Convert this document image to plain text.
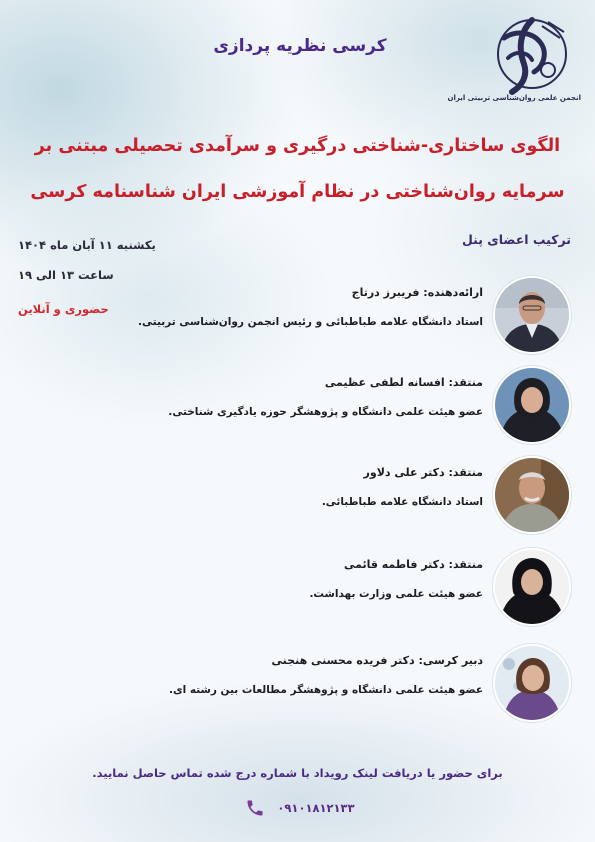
کرسی نظریه پردازی
انجمن علمی روان‌شناسی تربیتی ایران
الگوی ساختاری-شناختی درگیری و سرآمدی تحصیلی مبتنی بر
سرمایه روان‌شناختی در نظام آموزشی ایران شناسنامه کرسی
ترکیب اعضای پنل
یکشنبه ۱۱ آبان ماه ۱۴۰۴
ساعت ۱۳ الی ۱۹
حضوری و آنلاین
ارائه‌دهنده: فریبرز درتاج
استاد دانشگاه علامه طباطبائی و رئیس انجمن روان‌شناسی تربیتی.
منتقد: افسانه لطفی عظیمی
عضو هیئت علمی دانشگاه و پژوهشگر حوزه یادگیری شناختی.
منتقد: دکتر علی دلاور
استاد دانشگاه علامه طباطبائی.
منتقد: دکتر فاطمه قائمی
عضو هیئت علمی وزارت بهداشت.
دبیر کرسی: دکتر فریده محسنی هنجنی
عضو هیئت علمی دانشگاه و پژوهشگر مطالعات بین رشته ای.
برای حضور یا دریافت لینک رویداد با شماره درج شده تماس حاصل نمایید.
۰۹۱۰۱۸۱۲۱۳۳
